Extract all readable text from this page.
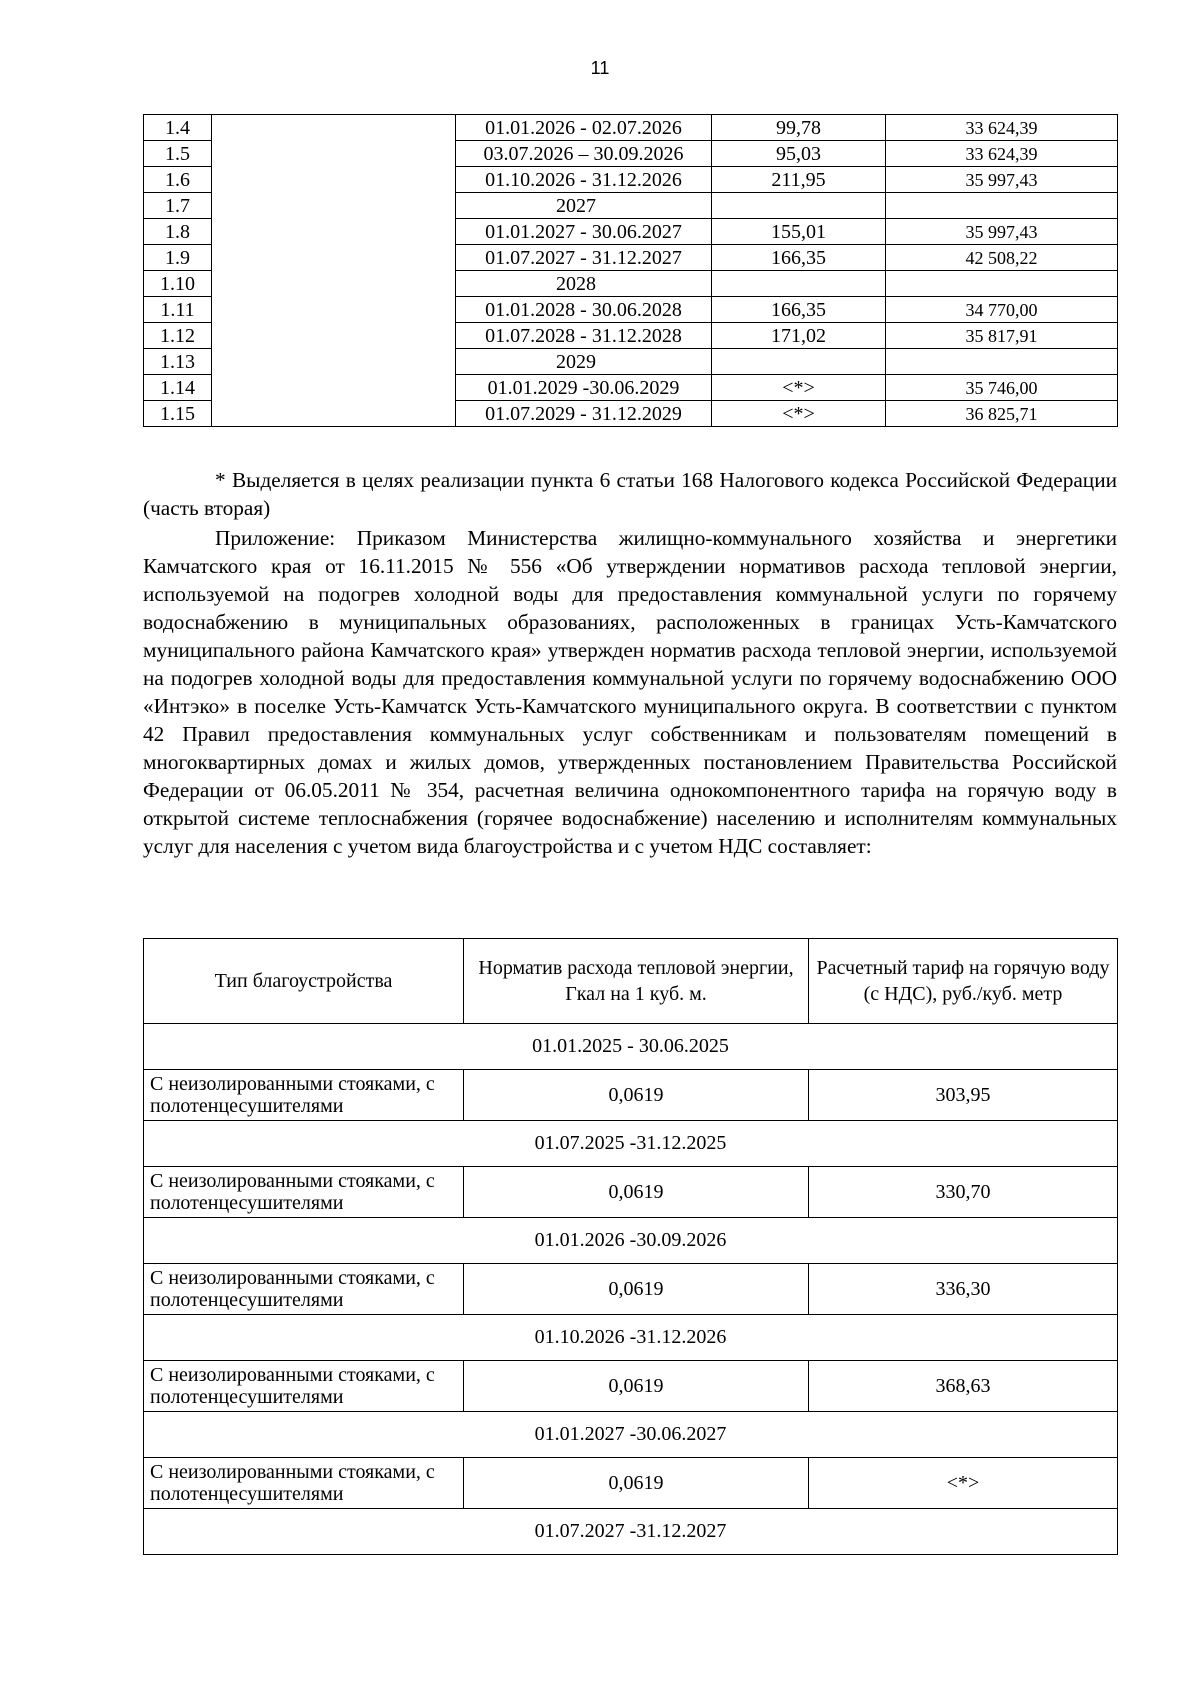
11
1.4		01.01.2026 - 02.07.2026	99,78	33 624,39
1.5		03.07.2026 – 30.09.2026	95,03	33 624,39
1.6		01.10.2026 - 31.12.2026	211,95	35 997,43
1.7		2027		
1.8		01.01.2027 - 30.06.2027	155,01	35 997,43
1.9		01.07.2027 - 31.12.2027	166,35	42 508,22
1.10		2028		
1.11		01.01.2028 - 30.06.2028	166,35	34 770,00
1.12		01.07.2028 - 31.12.2028	171,02	35 817,91
1.13		2029		
1.14		01.01.2029 -30.06.2029	<*>	35 746,00
1.15		01.07.2029 - 31.12.2029	<*>	36 825,71

* Выделяется в целях реализации пункта 6 статьи 168 Налогового кодекса Российской Федерации (часть вторая)

Приложение: Приказом Министерства жилищно-коммунального хозяйства и энергетики Камчатского края от 16.11.2015 № 556 «Об утверждении нормативов расхода тепловой энергии, используемой на подогрев холодной воды для предоставления коммунальной услуги по горячему водоснабжению в муниципальных образованиях, расположенных в границах Усть-Камчатского муниципального района Камчатского края» утвержден норматив расхода тепловой энергии, используемой на подогрев холодной воды для предоставления коммунальной услуги по горячему водоснабжению ООО «Интэко» в поселке Усть-Камчатск Усть-Камчатского муниципального округа. В соответствии с пунктом 42 Правил предоставления коммунальных услуг собственникам и пользователям помещений в многоквартирных домах и жилых домов, утвержденных постановлением Правительства Российской Федерации от 06.05.2011 № 354, расчетная величина однокомпонентного тарифа на горячую воду в открытой системе теплоснабжения (горячее водоснабжение) населению и исполнителям коммунальных услуг для населения с учетом вида благоустройства и с учетом НДС составляет:

Тип благоустройства	Норматив расхода тепловой энергии, Гкал на 1 куб. м.	Расчетный тариф на горячую воду (с НДС), руб./куб. метр
01.01.2025 - 30.06.2025		
С неизолированными стояками, с полотенцесушителями	0,0619	303,95
01.07.2025 -31.12.2025		
С неизолированными стояками, с полотенцесушителями	0,0619	330,70
01.01.2026 -30.09.2026		
С неизолированными стояками, с полотенцесушителями	0,0619	336,30
01.10.2026 -31.12.2026		
С неизолированными стояками, с полотенцесушителями	0,0619	368,63
01.01.2027 -30.06.2027		
С неизолированными стояками, с полотенцесушителями	0,0619	<*>
01.07.2027 -31.12.2027		
